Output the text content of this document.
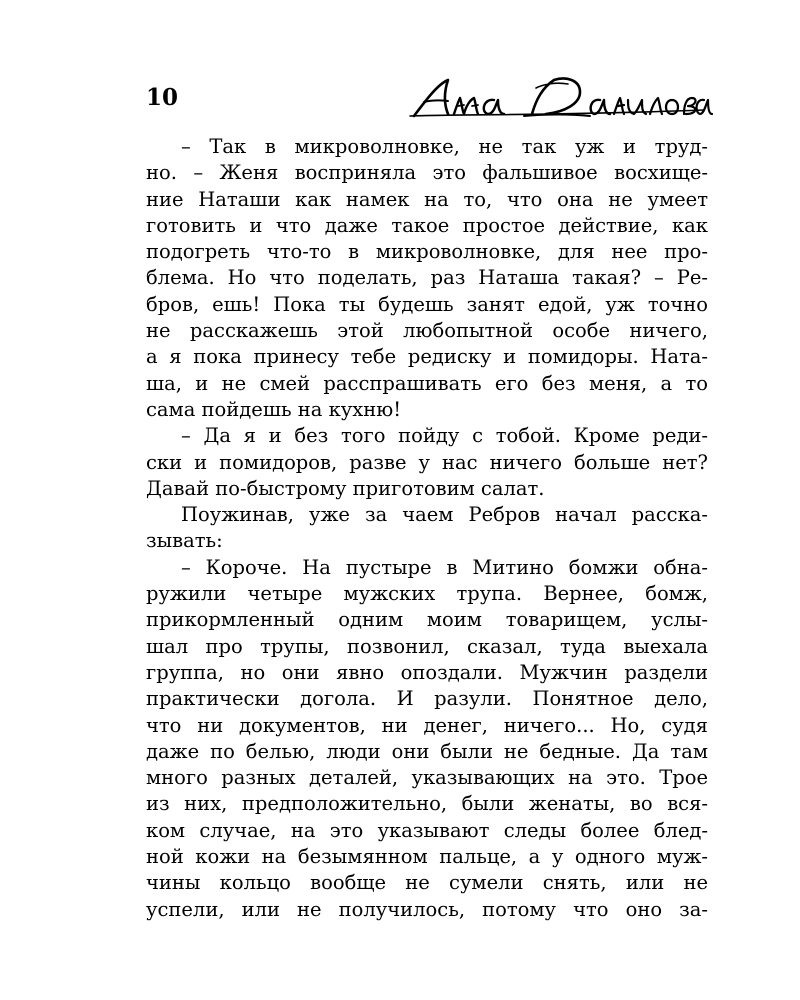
10
– Так в микроволновке, не так уж и труд-
но. – Женя восприняла это фальшивое восхище-
ние Наташи как намек на то, что она не умеет
готовить и что даже такое простое действие, как
подогреть что-то в микроволновке, для нее про-
блема. Но что поделать, раз Наташа такая? – Ре-
бров, ешь! Пока ты будешь занят едой, уж точно
не расскажешь этой любопытной особе ничего,
а я пока принесу тебе редиску и помидоры. Ната-
ша, и не смей расспрашивать его без меня, а то
сама пойдешь на кухню!
– Да я и без того пойду с тобой. Кроме реди-
ски и помидоров, разве у нас ничего больше нет?
Давай по-быстрому приготовим салат.
Поужинав, уже за чаем Ребров начал расска-
зывать:
– Короче. На пустыре в Митино бомжи обна-
ружили четыре мужских трупа. Вернее, бомж,
прикормленный одним моим товарищем, услы-
шал про трупы, позвонил, сказал, туда выехала
группа, но они явно опоздали. Мужчин раздели
практически догола. И разули. Понятное дело,
что ни документов, ни денег, ничего... Но, судя
даже по белью, люди они были не бедные. Да там
много разных деталей, указывающих на это. Трое
из них, предположительно, были женаты, во вся-
ком случае, на это указывают следы более блед-
ной кожи на безымянном пальце, а у одного муж-
чины кольцо вообще не сумели снять, или не
успели, или не получилось, потому что оно за-
